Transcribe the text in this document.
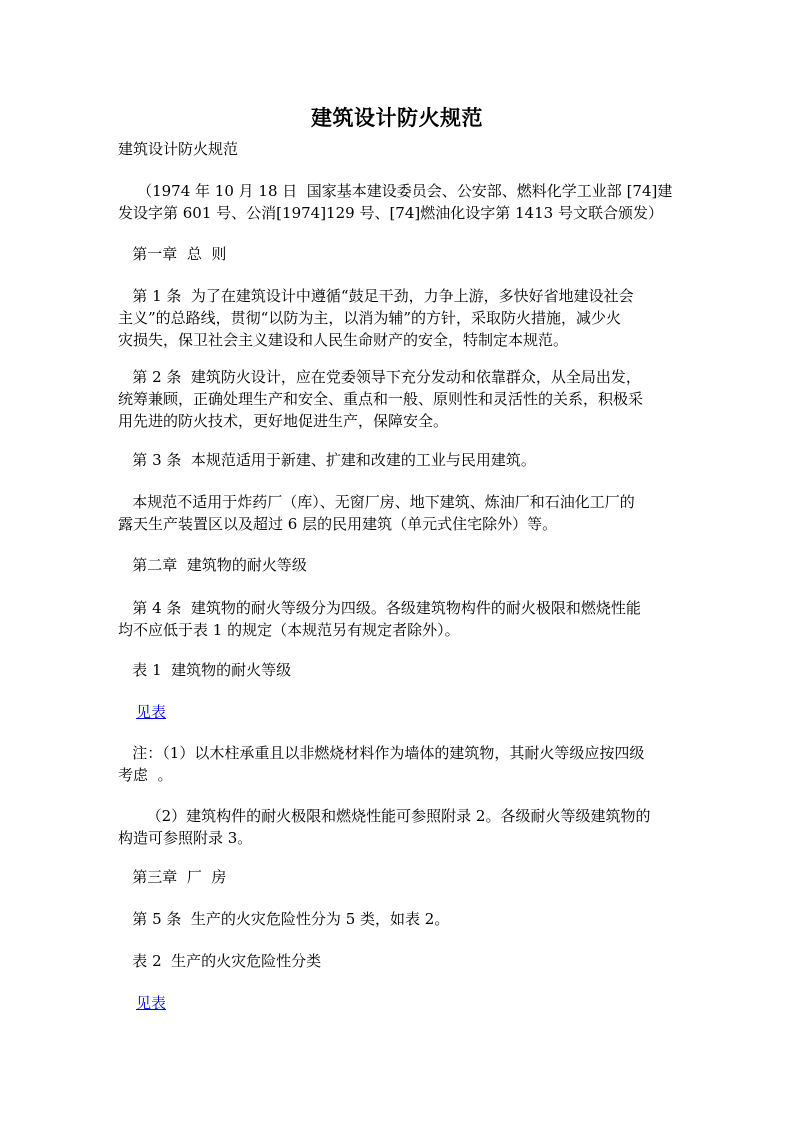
建筑设计防火规范
建筑设计防火规范
（1974 年 10 月 18 日  国家基本建设委员会、公安部、燃料化学工业部 [74]建
发设字第 601 号、公消[1974]129 号、[74]燃油化设字第 1413 号文联合颁发）
第一章  总  则
第 1 条  为了在建筑设计中遵循“鼓足干劲，力争上游，多快好省地建设社会
主义”的总路线，贯彻“以防为主，以消为辅”的方针，采取防火措施，减少火
灾损失，保卫社会主义建设和人民生命财产的安全，特制定本规范。
第 2 条  建筑防火设计，应在党委领导下充分发动和依靠群众，从全局出发，
统筹兼顾，正确处理生产和安全、重点和一般、原则性和灵活性的关系，积极采
用先进的防火技术，更好地促进生产，保障安全。
第 3 条  本规范适用于新建、扩建和改建的工业与民用建筑。
本规范不适用于炸药厂（库）、无窗厂房、地下建筑、炼油厂和石油化工厂的
露天生产装置区以及超过 6 层的民用建筑（单元式住宅除外）等。
第二章  建筑物的耐火等级
第 4 条  建筑物的耐火等级分为四级。各级建筑物构件的耐火极限和燃烧性能
均不应低于表 1 的规定（本规范另有规定者除外）。
表 1  建筑物的耐火等级
见表
注：（1）以木柱承重且以非燃烧材料作为墙体的建筑物，其耐火等级应按四级
考虑  。
（2）建筑构件的耐火极限和燃烧性能可参照附录 2。各级耐火等级建筑物的
构造可参照附录 3。
第三章  厂  房
第 5 条  生产的火灾危险性分为 5 类，如表 2。
表 2  生产的火灾危险性分类
见表
